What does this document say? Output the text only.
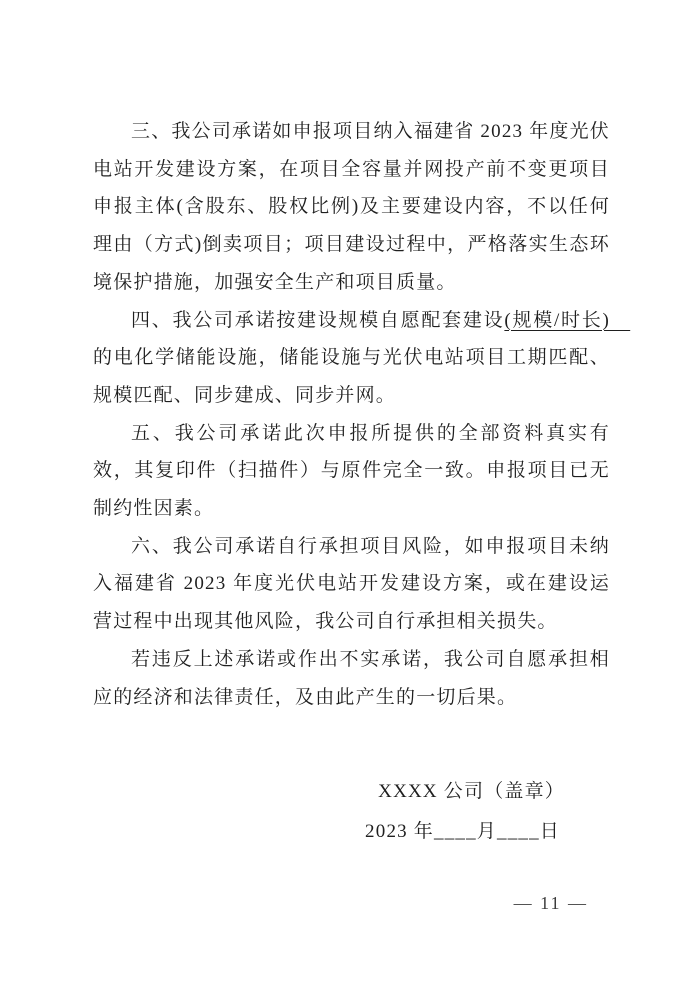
三、我公司承诺如申报项目纳入福建省 2023 年度光伏电站开发建设方案，在项目全容量并网投产前不变更项目申报主体(含股东、股权比例)及主要建设内容，不以任何理由（方式)倒卖项目；项目建设过程中，严格落实生态环境保护措施，加强安全生产和项目质量。

四、我公司承诺按建设规模自愿配套建设(规模/时长)　的电化学储能设施，储能设施与光伏电站项目工期匹配、规模匹配、同步建成、同步并网。

五、我公司承诺此次申报所提供的全部资料真实有效，其复印件（扫描件）与原件完全一致。申报项目已无制约性因素。

六、我公司承诺自行承担项目风险，如申报项目未纳入福建省 2023 年度光伏电站开发建设方案，或在建设运营过程中出现其他风险，我公司自行承担相关损失。

若违反上述承诺或作出不实承诺，我公司自愿承担相应的经济和法律责任，及由此产生的一切后果。

XXXX 公司（盖章）
2023 年____月____日
— 11 —
